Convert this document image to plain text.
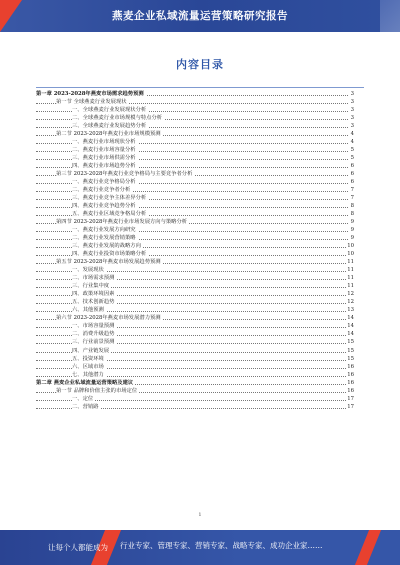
燕麦企业私域流量运营策略研究报告
内容目录
第一章 2023-2028年燕麦市场需求趋势预测	3
第一节 全球燕麦行业发展现状	3
一、全球燕麦行业发展现状分析	3
二、全球燕麦行业市场规模与特点分析	3
三、全球燕麦行业发展趋势分析	3
第二节 2023-2028年燕麦行业市场规模预测	4
一、燕麦行业市场现状分析	4
二、燕麦行业市场容量分析	5
三、燕麦行业市场供需分析	5
四、燕麦行业市场趋势分析	6
第三节 2023-2028年燕麦行业竞争格局与主要竞争者分析	6
一、燕麦行业竞争格局分析	6
二、燕麦行业竞争者分析	7
三、燕麦行业竞争主体差异分析	7
四、燕麦行业竞争趋势分析	8
五、燕麦行业区域竞争格局分析	8
第四节 2023-2028年燕麦行业市场发展方向与策略分析	9
一、燕麦行业发展方向研究	9
二、燕麦行业发展营销策略	9
三、燕麦行业发展的战略方向	10
四、燕麦行业投资市场策略分析	10
第五节 2023-2028年燕麦市场发展趋势预测	11
一、发展现状	11
二、市场需求预测	11
三、行业集中度	11
四、政策环境因素	12
五、技术创新趋势	12
六、其他预测	13
第六节 2023-2028年燕麦市场发展潜力预测	14
一、市场容量预测	14
二、消费升级趋势	14
三、行业前景预测	15
四、产业链发展	15
五、投资环境	15
六、区域市场	16
七、其他潜力	16
第二章 燕麦企业私域流量运营策略及建议	16
第一节 品牌和价值主张的市场定位	16
一、定位	17
二、营销路	17
1
让每个人都能成为 行业专家、管理专家、营销专家、战略专家、成功企业家……
